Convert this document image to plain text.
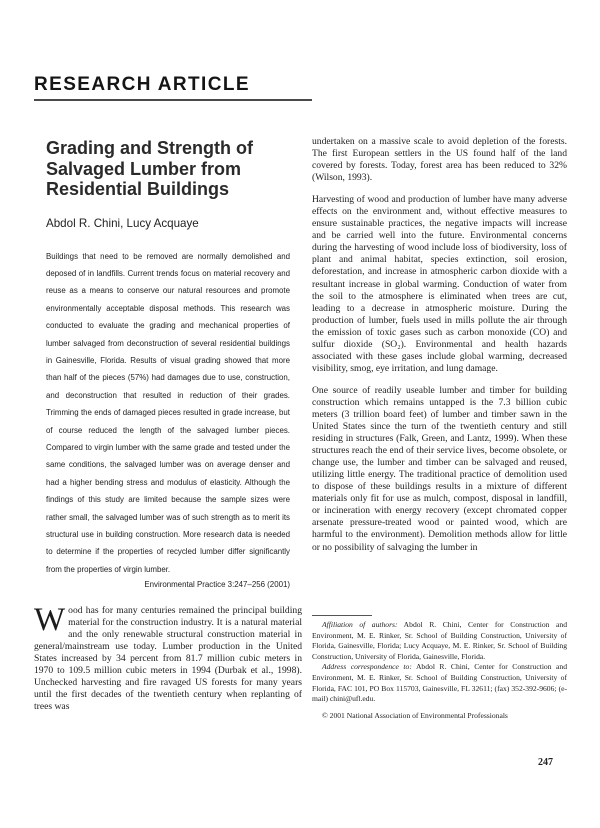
RESEARCH ARTICLE
Grading and Strength of Salvaged Lumber from Residential Buildings
Abdol R. Chini, Lucy Acquaye
Buildings that need to be removed are normally demolished and deposed of in landfills. Current trends focus on material recovery and reuse as a means to conserve our natural resources and promote environmentally acceptable disposal methods. This research was conducted to evaluate the grading and mechanical properties of lumber salvaged from deconstruction of several residential buildings in Gainesville, Florida. Results of visual grading showed that more than half of the pieces (57%) had damages due to use, construction, and deconstruction that resulted in reduction of their grades. Trimming the ends of damaged pieces resulted in grade increase, but of course reduced the length of the salvaged lumber pieces. Compared to virgin lumber with the same grade and tested under the same conditions, the salvaged lumber was on average denser and had a higher bending stress and modulus of elasticity. Although the findings of this study are limited because the sample sizes were rather small, the salvaged lumber was of such strength as to merit its structural use in building construction. More research data is needed to determine if the properties of recycled lumber differ significantly from the properties of virgin lumber.
Environmental Practice 3:247–256 (2001)

Wood has for many centuries remained the principal building material for the construction industry. It is a natural material and the only renewable structural construction material in general/mainstream use today. Lumber production in the United States increased by 34 percent from 81.7 million cubic meters in 1970 to 109.5 million cubic meters in 1994 (Durbak et al., 1998). Unchecked harvesting and fire ravaged US forests for many years until the first decades of the twentieth century when replanting of trees was

undertaken on a massive scale to avoid depletion of the forests. The first European settlers in the US found half of the land covered by forests. Today, forest area has been reduced to 32% (Wilson, 1993).

Harvesting of wood and production of lumber have many adverse effects on the environment and, without effective measures to ensure sustainable practices, the negative impacts will increase and be carried well into the future. Environmental concerns during the harvesting of wood include loss of biodiversity, loss of plant and animal habitat, species extinction, soil erosion, deforestation, and increase in atmospheric carbon dioxide with a resultant increase in global warming. Conduction of water from the soil to the atmosphere is eliminated when trees are cut, leading to a decrease in atmospheric moisture. During the production of lumber, fuels used in mills pollute the air through the emission of toxic gases such as carbon monoxide (CO) and sulfur dioxide (SO₂). Environmental and health hazards associated with these gases include global warming, decreased visibility, smog, eye irritation, and lung damage.

One source of readily useable lumber and timber for building construction which remains untapped is the 7.3 billion cubic meters (3 trillion board feet) of lumber and timber sawn in the United States since the turn of the twentieth century and still residing in structures (Falk, Green, and Lantz, 1999). When these structures reach the end of their service lives, become obsolete, or change use, the lumber and timber can be salvaged and reused, utilizing little energy. The traditional practice of demolition used to dispose of these buildings results in a mixture of different materials only fit for use as mulch, compost, disposal in landfill, or incineration with energy recovery (except chromated copper arsenate pressure-treated wood or painted wood, which are harmful to the environment). Demolition methods allow for little or no possibility of salvaging the lumber in

Affiliation of authors: Abdol R. Chini, Center for Construction and Environment, M. E. Rinker, Sr. School of Building Construction, University of Florida, Gainesville, Florida; Lucy Acquaye, M. E. Rinker, Sr. School of Building Construction, University of Florida, Gainesville, Florida.

Address correspondence to: Abdol R. Chini, Center for Construction and Environment, M. E. Rinker, Sr. School of Building Construction, University of Florida, FAC 101, PO Box 115703, Gainesville, FL 32611; (fax) 352-392-9606; (e-mail) chini@ufl.edu.

© 2001 National Association of Environmental Professionals

247
